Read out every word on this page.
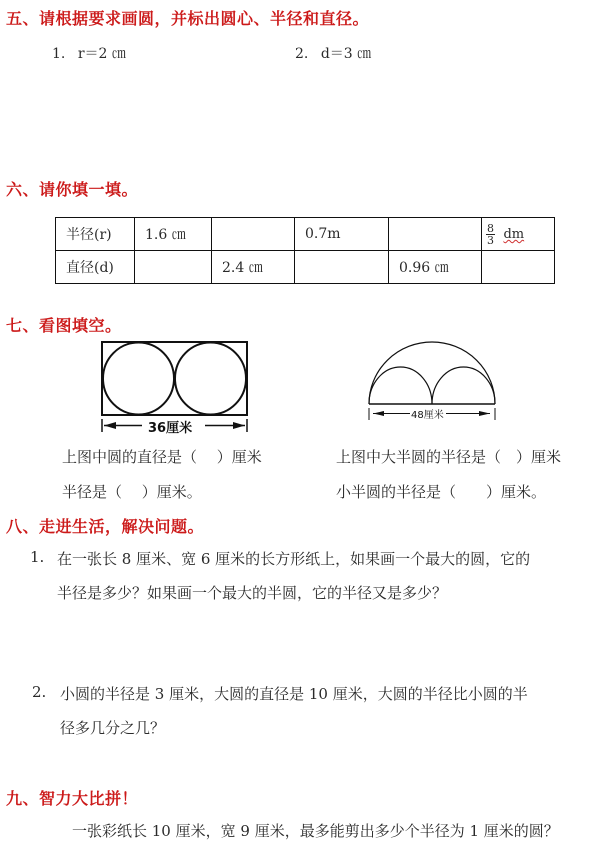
五、请根据要求画圆，并标出圆心、半径和直径。
1. r＝2 ㎝	2. d＝3 ㎝
六、请你填一填。
半径(r)	1.6 ㎝		0.7m		$\frac{8}{3}$ dm
直径(d)		2.4 ㎝		0.96 ㎝	
七、看图填空。
36厘米
48厘米
上图中圆的直径是（　 ）厘米
半径是（　 ）厘米。
上图中大半圆的半径是（　）厘米
小半圆的半径是（　　）厘米。
八、走进生活，解决问题。
1. 在一张长 8 厘米、宽 6 厘米的长方形纸上，如果画一个最大的圆，它的
半径是多少？如果画一个最大的半圆，它的半径又是多少？
2. 小圆的半径是 3 厘米，大圆的直径是 10 厘米，大圆的半径比小圆的半
径多几分之几？
九、智力大比拼！
一张彩纸长 10 厘米，宽 9 厘米，最多能剪出多少个半径为 1 厘米的圆？
